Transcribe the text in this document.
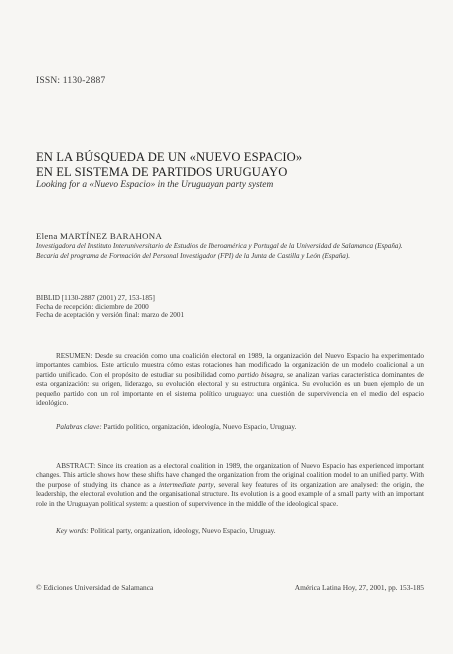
ISSN: 1130-2887
EN LA BÚSQUEDA DE UN «NUEVO ESPACIO»
EN EL SISTEMA DE PARTIDOS URUGUAYO
Looking for a «Nuevo Espacio» in the Uruguayan party system
Elena MARTÍNEZ BARAHONA
Investigadora del Instituto Interuniversitario de Estudios de Iberoamérica y Portugal de la Universidad de Salamanca (España). Becaria del programa de Formación del Personal Investigador (FPI) de la Junta de Castilla y León (España).
BIBLID [1130-2887 (2001) 27, 153-185]
Fecha de recepción: diciembre de 2000
Fecha de aceptación y versión final: marzo de 2001

RESUMEN: Desde su creación como una coalición electoral en 1989, la organización del Nuevo Espacio ha experimentado importantes cambios. Este artículo muestra cómo estas rotaciones han modificado la organización de un modelo coalicional a un partido unificado. Con el propósito de estudiar su posibilidad como partido bisagra, se analizan varias característica dominantes de esta organización: su origen, liderazgo, su evolución electoral y su estructura orgánica. Su evolución es un buen ejemplo de un pequeño partido con un rol importante en el sistema político uruguayo: una cuestión de supervivencia en el medio del espacio ideológico.

Palabras clave: Partido político, organización, ideología, Nuevo Espacio, Uruguay.

ABSTRACT: Since its creation as a electoral coalition in 1989, the organization of Nuevo Espacio has experienced important changes. This article shows how these shifts have changed the organization from the original coalition model to an unified party. With the purpose of studying its chance as a intermediate party, several key features of its organization are analysed: the origin, the leadership, the electoral evolution and the organisational structure. Its evolution is a good example of a small party with an important role in the Uruguayan political system: a question of supervivence in the middle of the ideological space.

Key words: Political party, organization, ideology, Nuevo Espacio, Uruguay.
© Ediciones Universidad de Salamanca	América Latina Hoy, 27, 2001, pp. 153-185
